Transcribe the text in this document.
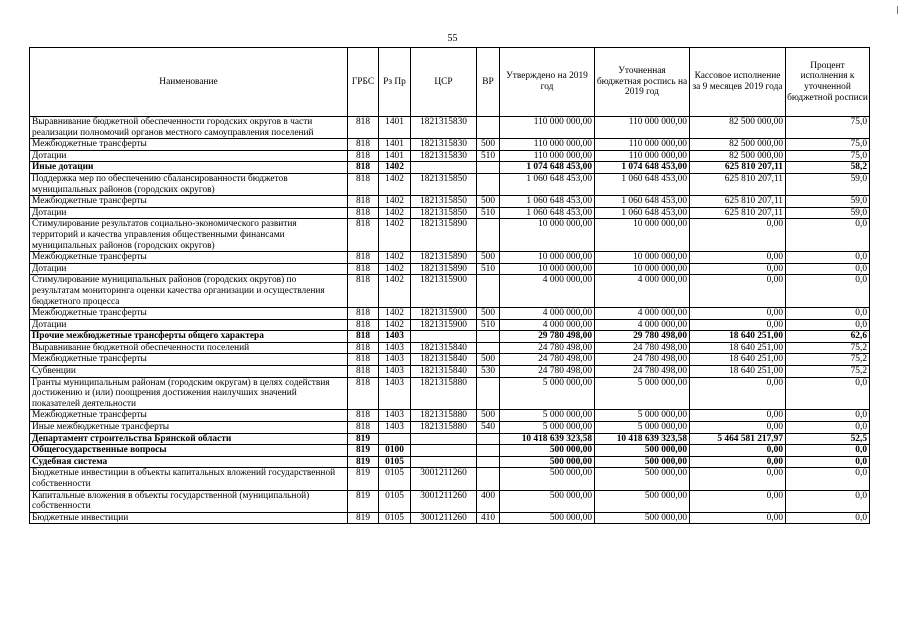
55
Наименование	ГРБС	Рз Пр	ЦСР	ВР	Утверждено на 2019 год	Уточненная бюджетная роспись на 2019 год	Кассовое исполнение за 9 месяцев 2019 года	Процент исполнения к уточненной бюджетной росписи
Выравнивание бюджетной обеспеченности городских округов в части реализации полномочий органов местного самоуправления поселений	818	1401	1821315830		110 000 000,00	110 000 000,00	82 500 000,00	75,0
Межбюджетные трансферты	818	1401	1821315830	500	110 000 000,00	110 000 000,00	82 500 000,00	75,0
Дотации	818	1401	1821315830	510	110 000 000,00	110 000 000,00	82 500 000,00	75,0
Иные дотации	818	1402			1 074 648 453,00	1 074 648 453,00	625 810 207,11	58,2
Поддержка мер по обеспечению сбалансированности бюджетов муниципальных районов (городских округов)	818	1402	1821315850		1 060 648 453,00	1 060 648 453,00	625 810 207,11	59,0
Межбюджетные трансферты	818	1402	1821315850	500	1 060 648 453,00	1 060 648 453,00	625 810 207,11	59,0
Дотации	818	1402	1821315850	510	1 060 648 453,00	1 060 648 453,00	625 810 207,11	59,0
Стимулирование результатов социально-экономического развития территорий и качества управления общественными финансами муниципальных районов (городских округов)	818	1402	1821315890		10 000 000,00	10 000 000,00	0,00	0,0
Межбюджетные трансферты	818	1402	1821315890	500	10 000 000,00	10 000 000,00	0,00	0,0
Дотации	818	1402	1821315890	510	10 000 000,00	10 000 000,00	0,00	0,0
Стимулирование муниципальных районов (городских округов) по результатам мониторинга оценки качества организации и осуществления бюджетного процесса	818	1402	1821315900		4 000 000,00	4 000 000,00	0,00	0,0
Межбюджетные трансферты	818	1402	1821315900	500	4 000 000,00	4 000 000,00	0,00	0,0
Дотации	818	1402	1821315900	510	4 000 000,00	4 000 000,00	0,00	0,0
Прочие межбюджетные трансферты общего характера	818	1403			29 780 498,00	29 780 498,00	18 640 251,00	62,6
Выравнивание бюджетной обеспеченности поселений	818	1403	1821315840		24 780 498,00	24 780 498,00	18 640 251,00	75,2
Межбюджетные трансферты	818	1403	1821315840	500	24 780 498,00	24 780 498,00	18 640 251,00	75,2
Субвенции	818	1403	1821315840	530	24 780 498,00	24 780 498,00	18 640 251,00	75,2
Гранты муниципальным районам (городским округам) в целях содействия достижению и (или) поощрения достижения наилучших значений показателей деятельности	818	1403	1821315880		5 000 000,00	5 000 000,00	0,00	0,0
Межбюджетные трансферты	818	1403	1821315880	500	5 000 000,00	5 000 000,00	0,00	0,0
Иные межбюджетные трансферты	818	1403	1821315880	540	5 000 000,00	5 000 000,00	0,00	0,0
Департамент строительства Брянской области	819				10 418 639 323,58	10 418 639 323,58	5 464 581 217,97	52,5
Общегосударственные вопросы	819	0100			500 000,00	500 000,00	0,00	0,0
Судебная система	819	0105			500 000,00	500 000,00	0,00	0,0
Бюджетные инвестиции в объекты капитальных вложений государственной собственности	819	0105	3001211260		500 000,00	500 000,00	0,00	0,0
Капитальные вложения в объекты государственной (муниципальной) собственности	819	0105	3001211260	400	500 000,00	500 000,00	0,00	0,0
Бюджетные инвестиции	819	0105	3001211260	410	500 000,00	500 000,00	0,00	0,0
